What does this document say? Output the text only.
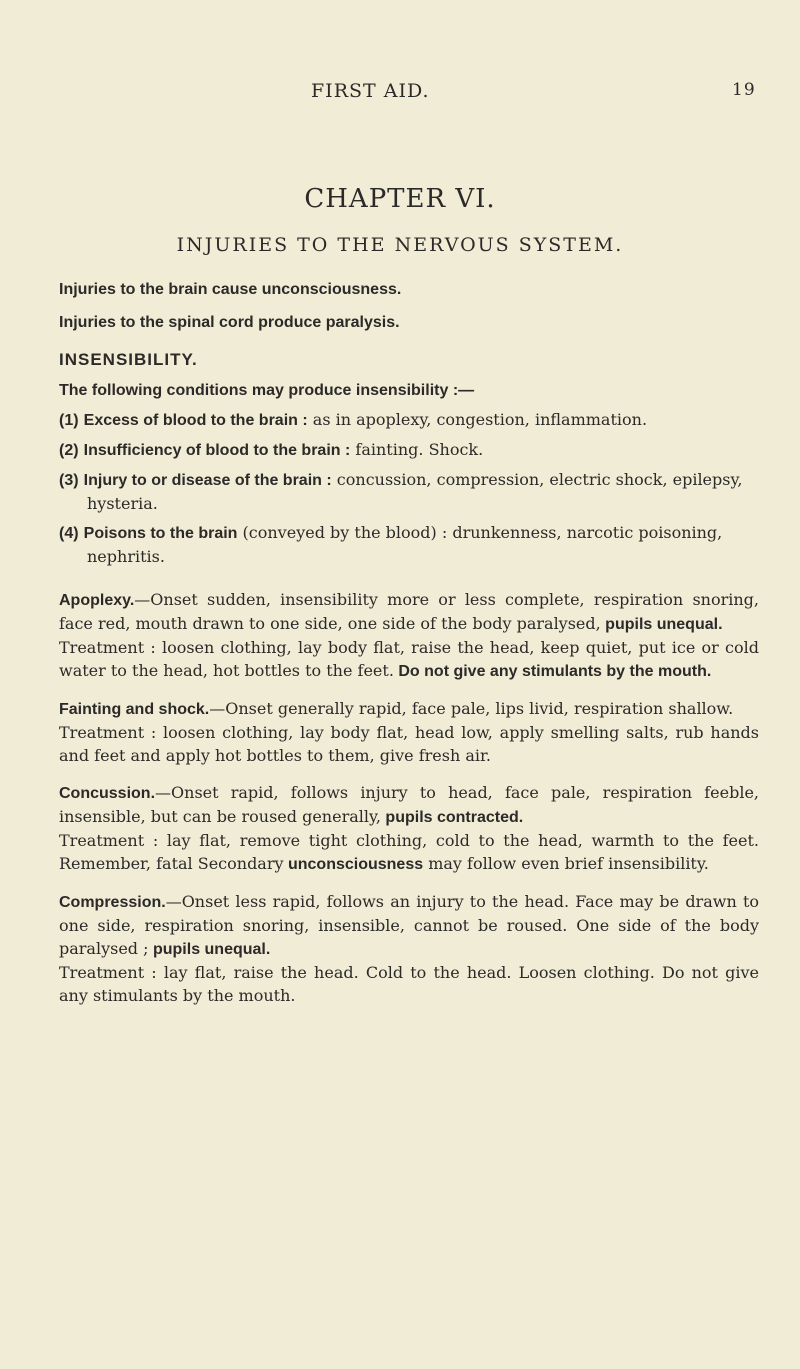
FIRST AID.	19
CHAPTER VI.
INJURIES TO THE NERVOUS SYSTEM.

Injuries to the brain cause unconsciousness.

Injuries to the spinal cord produce paralysis.

INSENSIBILITY.

The following conditions may produce insensibility :—

(1) Excess of blood to the brain : as in apoplexy, congestion, inflammation.

(2) Insufficiency of blood to the brain : fainting. Shock.

(3) Injury to or disease of the brain : concussion, compression, electric shock, epilepsy, hysteria.

(4) Poisons to the brain (conveyed by the blood) : drunkenness, narcotic poisoning, nephritis.

Apoplexy.—Onset sudden, insensibility more or less complete, respiration snoring, face red, mouth drawn to one side, one side of the body paralysed, pupils unequal.

Treatment : loosen clothing, lay body flat, raise the head, keep quiet, put ice or cold water to the head, hot bottles to the feet. Do not give any stimulants by the mouth.

Fainting and shock.—Onset generally rapid, face pale, lips livid, respiration shallow.

Treatment : loosen clothing, lay body flat, head low, apply smelling salts, rub hands and feet and apply hot bottles to them, give fresh air.

Concussion.—Onset rapid, follows injury to head, face pale, respiration feeble, insensible, but can be roused generally, pupils contracted.

Treatment : lay flat, remove tight clothing, cold to the head, warmth to the feet. Remember, fatal Secondary unconsciousness may follow even brief insensibility.

Compression.—Onset less rapid, follows an injury to the head. Face may be drawn to one side, respiration snoring, insensible, cannot be roused. One side of the body paralysed ; pupils unequal.

Treatment : lay flat, raise the head. Cold to the head. Loosen clothing. Do not give any stimulants by the mouth.
